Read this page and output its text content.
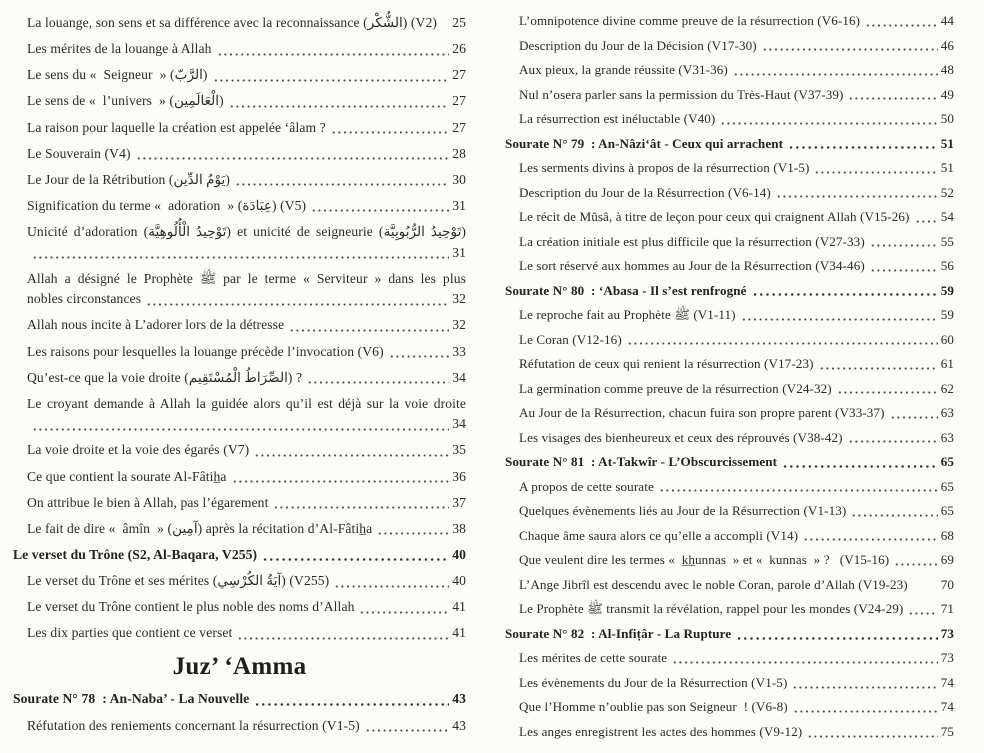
La louange, son sens et sa différence avec la reconnaissance (الشُّكْر) (V2) 25
Les mérites de la louange à Allah	26
Le sens du «  Seigneur  » (الرَّبّ)	27
Le sens de «  l’univers  » (الْعَالَمِين)	27
La raison pour laquelle la création est appelée ‘âlam ?	27
Le Souverain (V4)	28
Le Jour de la Rétribution (يَوْمُ الدِّين)	30
Signification du terme «  adoration  » (عِبَادَة) (V5)	31
Unicité d’adoration (تَوْحِيدُ الْأُلُوهِيَّة) et unicité de seigneurie (تَوْحِيدُ الرُّبُوبِيَّة)
31
Allah a désigné le Prophète ﷺ par le terme « Serviteur » dans les plus
nobles circonstances	32
Allah nous incite à L’adorer lors de la détresse	32
Les raisons pour lesquelles la louange précède l’invocation (V6)	33
Qu’est-ce que la voie droite (الصِّرَاطُ الْمُسْتَقِيم) ?	34
Le croyant demande à Allah la guidée alors qu’il est déjà sur la voie droite
34
La voie droite et la voie des égarés (V7)	35
Ce que contient la sourate Al-Fâtih̲a	36
On attribue le bien à Allah, pas l’égarement	37
Le fait de dire «  âmîn  » (آمِين) après la récitation d’Al-Fâtih̲a	38
Le verset du Trône (S2, Al-Baqara, V255)	40
Le verset du Trône et ses mérites (آيَةُ الكُرْسِي) (V255)	40
Le verset du Trône contient le plus noble des noms d’Allah	41
Les dix parties que contient ce verset	41
Juz’ ‘Amma
Sourate N° 78  : An-Naba’ - La Nouvelle	43
Réfutation des reniements concernant la résurrection (V1-5)	43
L’omnipotence divine comme preuve de la résurrection (V6-16)	44
Description du Jour de la Décision (V17-30)	46
Aux pieux, la grande réussite (V31-36)	48
Nul n’osera parler sans la permission du Très-Haut (V37-39)	49
La résurrection est inéluctable (V40)	50
Sourate N° 79  : An-Nâzi‘ât - Ceux qui arrachent	51
Les serments divins à propos de la résurrection (V1-5)	51
Description du Jour de la Résurrection (V6-14)	52
Le récit de Mûsâ, à titre de leçon pour ceux qui craignent Allah (V15-26) 54
La création initiale est plus difficile que la résurrection (V27-33)	55
Le sort réservé aux hommes au Jour de la Résurrection (V34-46)	56
Sourate N° 80  : ‘Abasa - Il s’est renfrogné	59
Le reproche fait au Prophète ﷺ (V1-11)	59
Le Coran (V12-16)	60
Réfutation de ceux qui renient la résurrection (V17-23)	61
La germination comme preuve de la résurrection (V24-32)	62
Au Jour de la Résurrection, chacun fuira son propre parent (V33-37)	63
Les visages des bienheureux et ceux des réprouvés (V38-42)	63
Sourate N° 81  : At-Takwîr - L’Obscurcissement	65
A propos de cette sourate	65
Quelques évènements liés au Jour de la Résurrection (V1-13)	65
Chaque âme saura alors ce qu’elle a accompli (V14)	68
Que veulent dire les termes «  k̲h̲unnas  » et «  kunnas  » ?   (V15-16)	69
L’Ange Jibrîl est descendu avec le noble Coran, parole d’Allah (V19-23)	70
Le Prophète ﷺ transmit la révélation, rappel pour les mondes (V24-29)	71
Sourate N° 82  : Al-Infiṭâr - La Rupture	73
Les mérites de cette sourate	73
Les évènements du Jour de la Résurrection (V1-5)	74
Que l’Homme n’oublie pas son Seigneur  ! (V6-8)	74
Les anges enregistrent les actes des hommes (V9-12)	75
